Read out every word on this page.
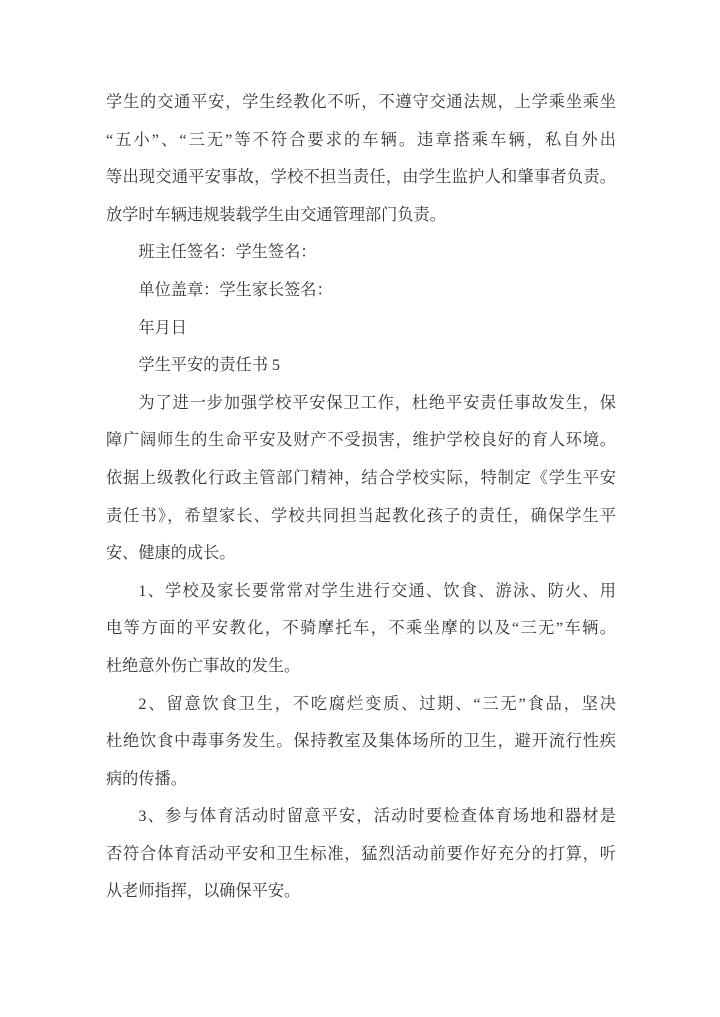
学生的交通平安，学生经教化不听，不遵守交通法规，上学乘坐乘坐
“五小”、“三无”等不符合要求的车辆。违章搭乘车辆，私自外出
等出现交通平安事故，学校不担当责任，由学生监护人和肇事者负责。
放学时车辆违规装载学生由交通管理部门负责。
班主任签名：学生签名：
单位盖章：学生家长签名：
年月日
学生平安的责任书 5
为了进一步加强学校平安保卫工作，杜绝平安责任事故发生，保
障广阔师生的生命平安及财产不受损害，维护学校良好的育人环境。
依据上级教化行政主管部门精神，结合学校实际，特制定《学生平安
责任书》，希望家长、学校共同担当起教化孩子的责任，确保学生平
安、健康的成长。
1、学校及家长要常常对学生进行交通、饮食、游泳、防火、用
电等方面的平安教化，不骑摩托车，不乘坐摩的以及“三无”车辆。
杜绝意外伤亡事故的发生。
2、留意饮食卫生，不吃腐烂变质、过期、“三无”食品，坚决
杜绝饮食中毒事务发生。保持教室及集体场所的卫生，避开流行性疾
病的传播。
3、参与体育活动时留意平安，活动时要检查体育场地和器材是
否符合体育活动平安和卫生标准，猛烈活动前要作好充分的打算，听
从老师指挥，以确保平安。
